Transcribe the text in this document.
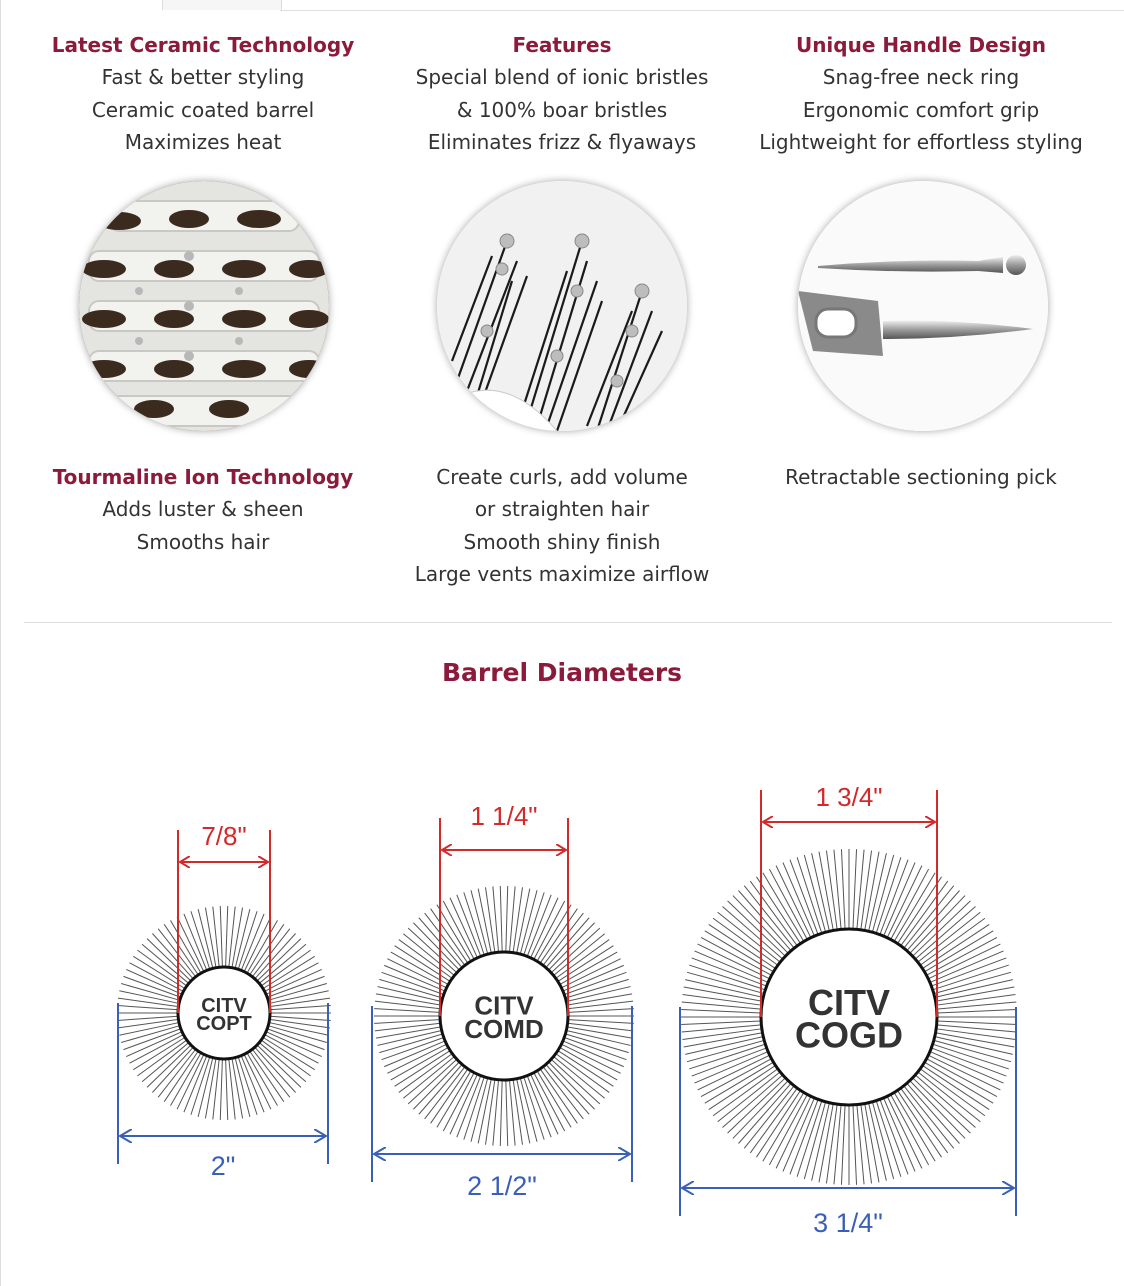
Latest Ceramic Technology
Fast & better styling
Ceramic coated barrel
Maximizes heat
Features
Special blend of ionic bristles
& 100% boar bristles
Eliminates frizz & flyaways
Unique Handle Design
Snag-free neck ring
Ergonomic comfort grip
Lightweight for effortless styling
Tourmaline Ion Technology
Adds luster & sheen
Smooths hair
Create curls, add volume
or straighten hair
Smooth shiny finish
Large vents maximize airflow
Retractable sectioning pick
Barrel Diameters
CITV
COPT
7/8"
2"
CITV
COMD
1 1/4"
2 1/2"
CITV
COGD
1 3/4"
3 1/4"
